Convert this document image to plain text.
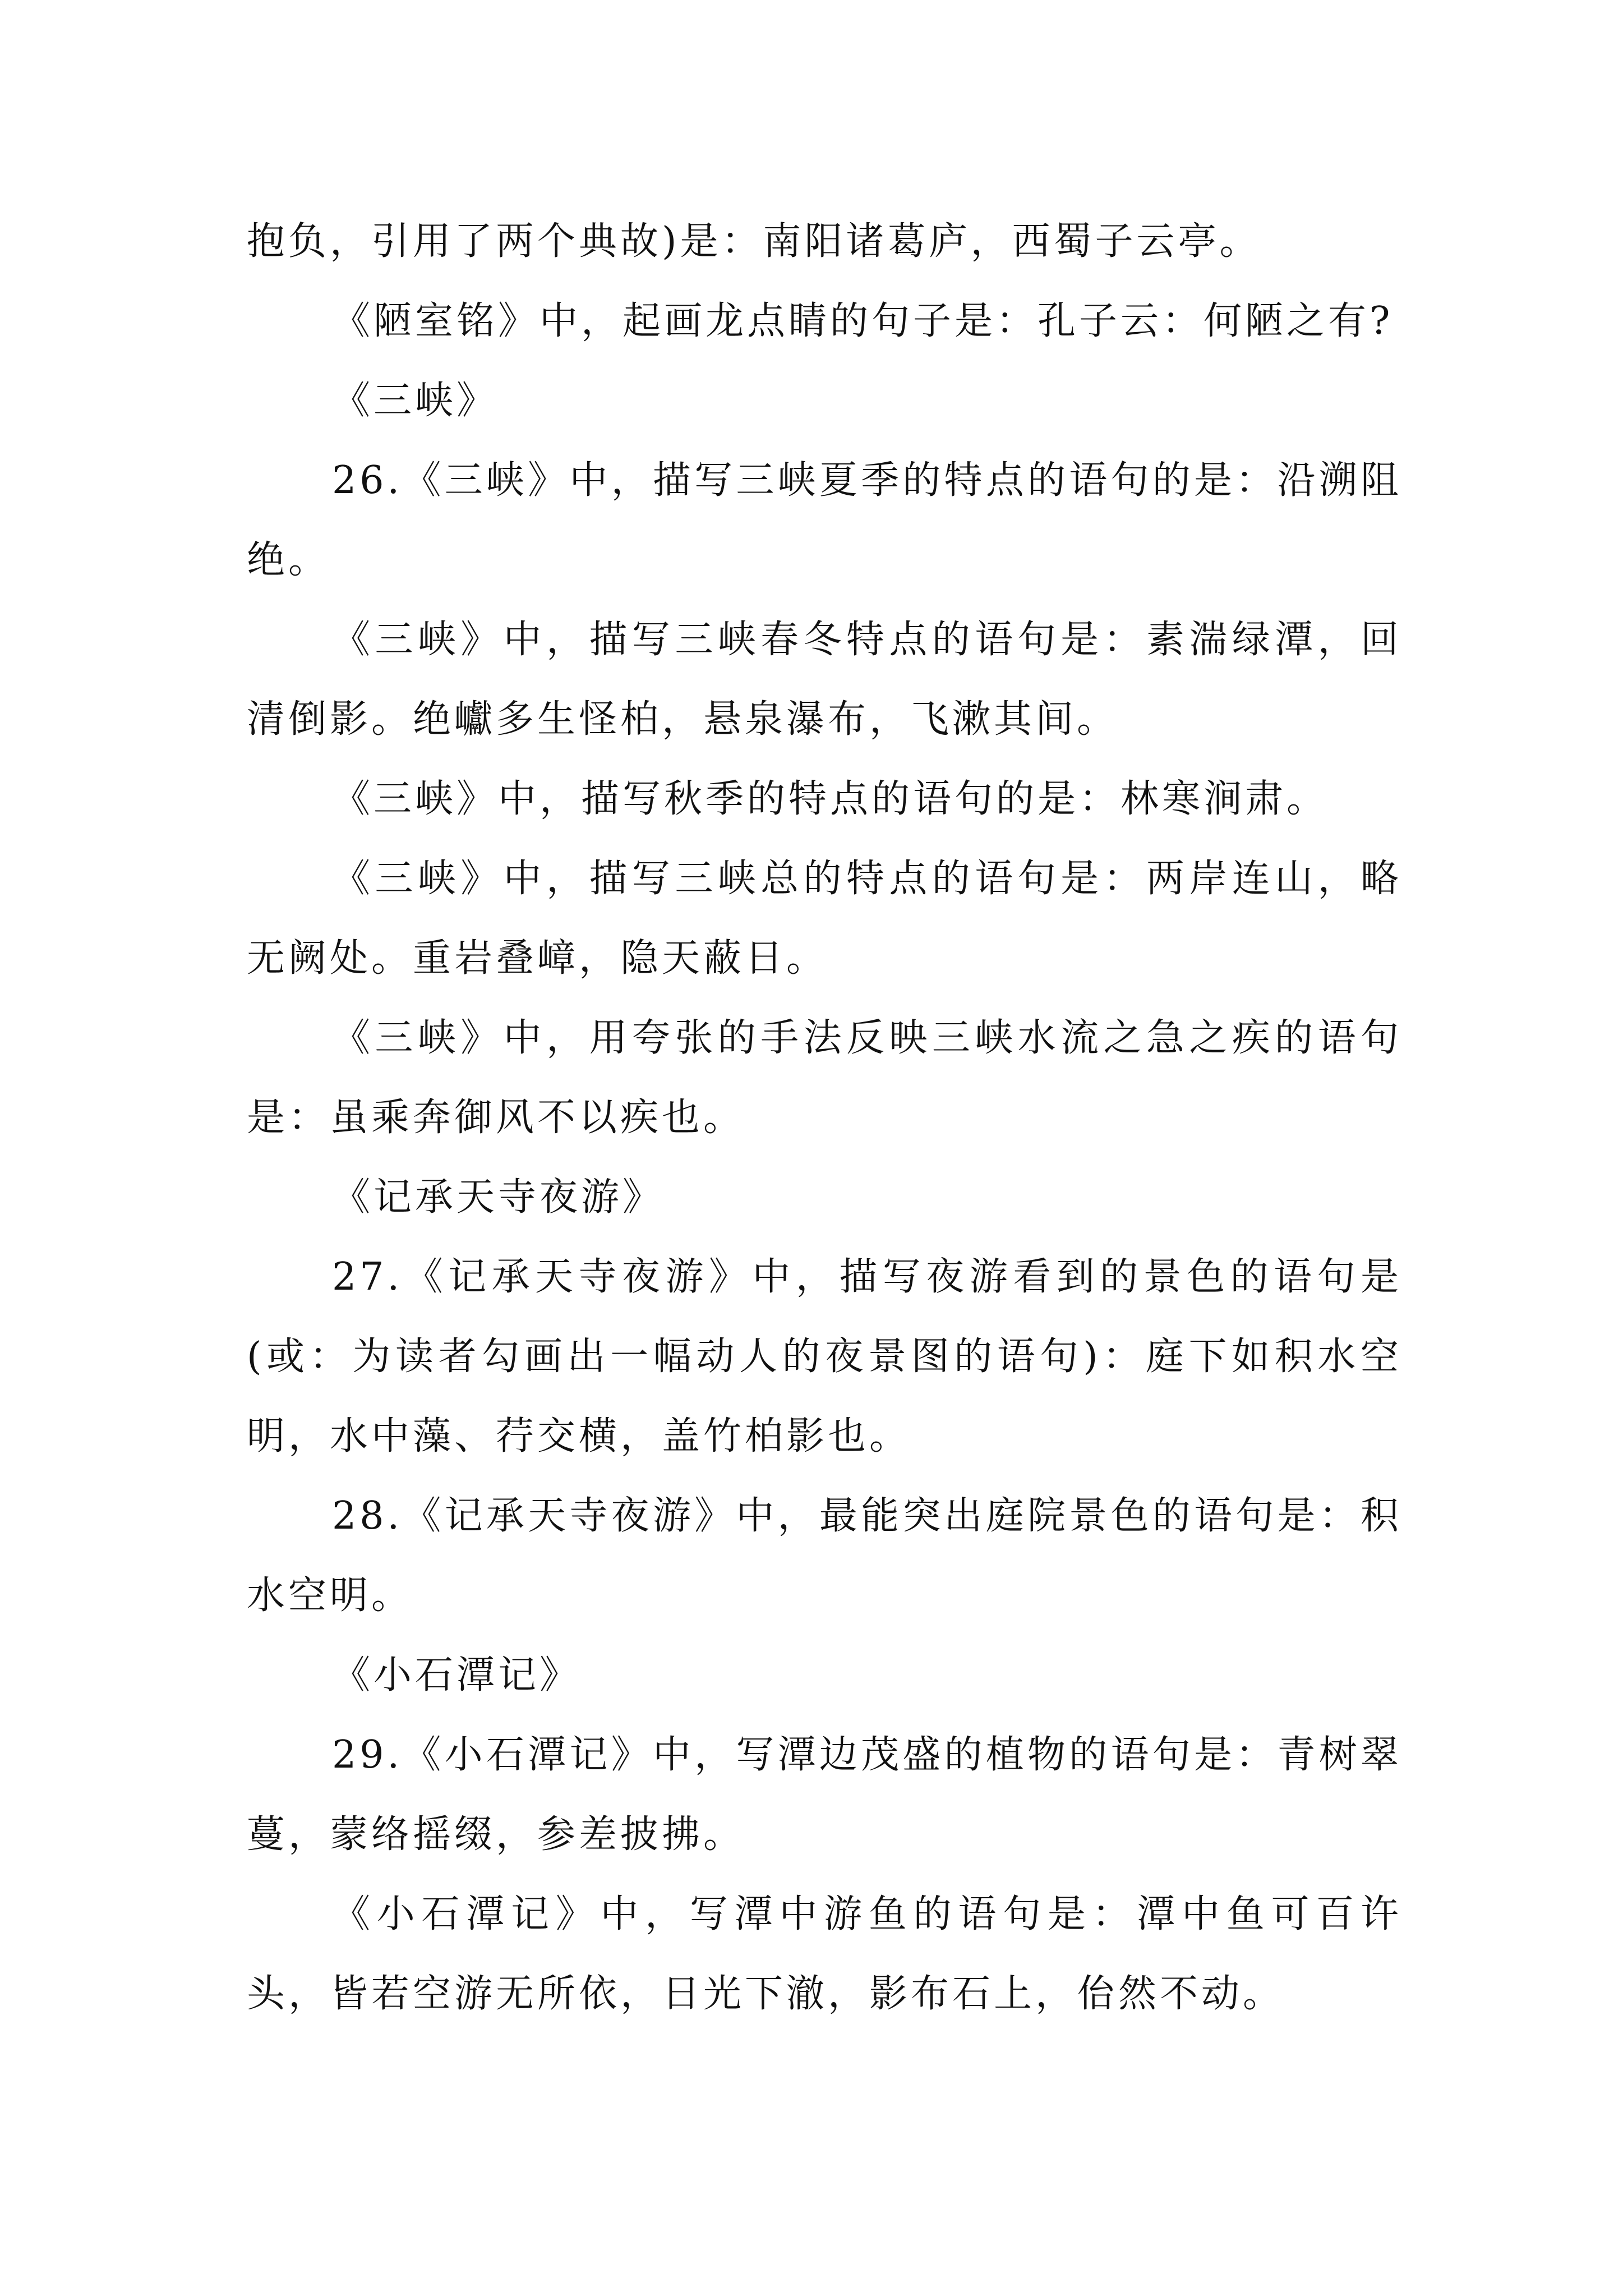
抱负，引用了两个典故)是：南阳诸葛庐，西蜀子云亭。

《陋室铭》中，起画龙点睛的句子是：孔子云：何陋之有?

《三峡》

26.《三峡》中，描写三峡夏季的特点的语句的是：沿溯阻绝。

《三峡》中，描写三峡春冬特点的语句是：素湍绿潭，回清倒影。绝巘多生怪柏，悬泉瀑布，飞漱其间。

《三峡》中，描写秋季的特点的语句的是：林寒涧肃。

《三峡》中，描写三峡总的特点的语句是：两岸连山，略无阙处。重岩叠嶂，隐天蔽日。

《三峡》中，用夸张的手法反映三峡水流之急之疾的语句是：虽乘奔御风不以疾也。

《记承天寺夜游》

27.《记承天寺夜游》中，描写夜游看到的景色的语句是(或：为读者勾画出一幅动人的夜景图的语句)：庭下如积水空明，水中藻、荇交横，盖竹柏影也。

28.《记承天寺夜游》中，最能突出庭院景色的语句是：积水空明。

《小石潭记》

29.《小石潭记》中，写潭边茂盛的植物的语句是：青树翠蔓，蒙络摇缀，参差披拂。

《小石潭记》中，写潭中游鱼的语句是：潭中鱼可百许头，皆若空游无所依，日光下澈，影布石上，佁然不动。
